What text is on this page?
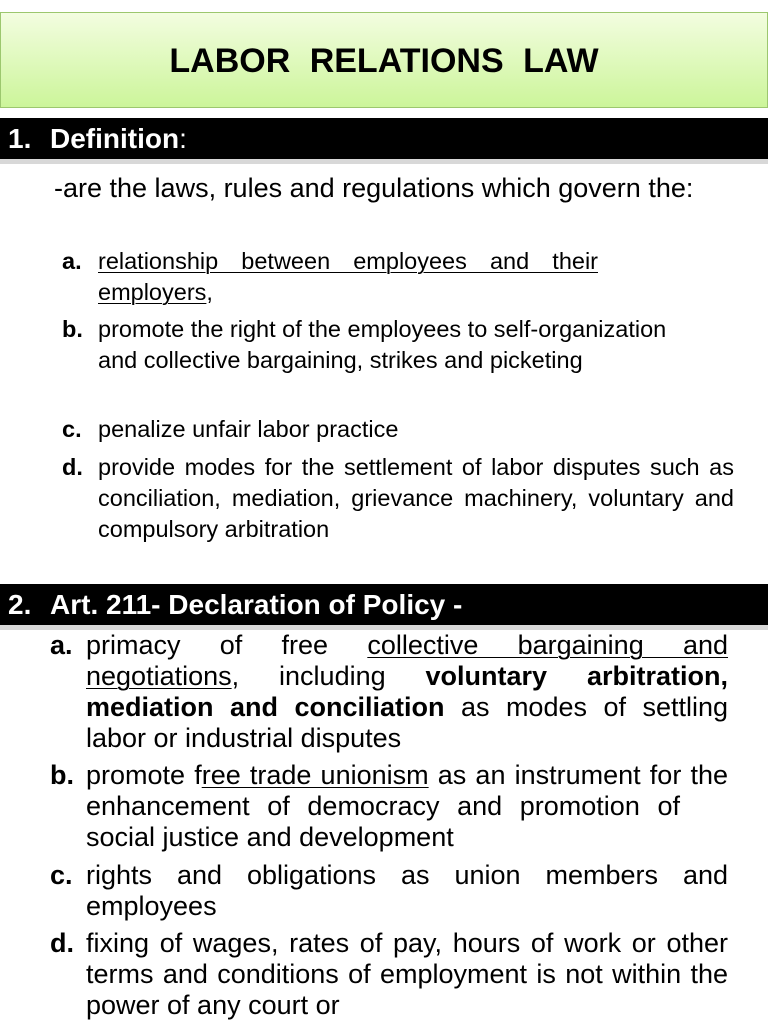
LABOR RELATIONS LAW
1. Definition :
-are the laws, rules and regulations which govern the:
a. relationship between employees and their employers,
b. promote the right of the employees to self-organization and collective bargaining, strikes and picketing
c. penalize unfair labor practice
d. provide modes for the settlement of labor disputes such as conciliation, mediation, grievance machinery, voluntary and compulsory arbitration
2. Art. 211- Declaration of Policy -
a. primacy of free collective bargaining and negotiations, including voluntary arbitration, mediation and conciliation as modes of settling labor or industrial disputes
b. promote free trade unionism as an instrument for the enhancement of democracy and promotion ofsocial justice and development
c. rights and obligations as union members and employees
d. fixing of wages, rates of pay, hours of work or other terms and conditions of employment is not within the power of any court or
